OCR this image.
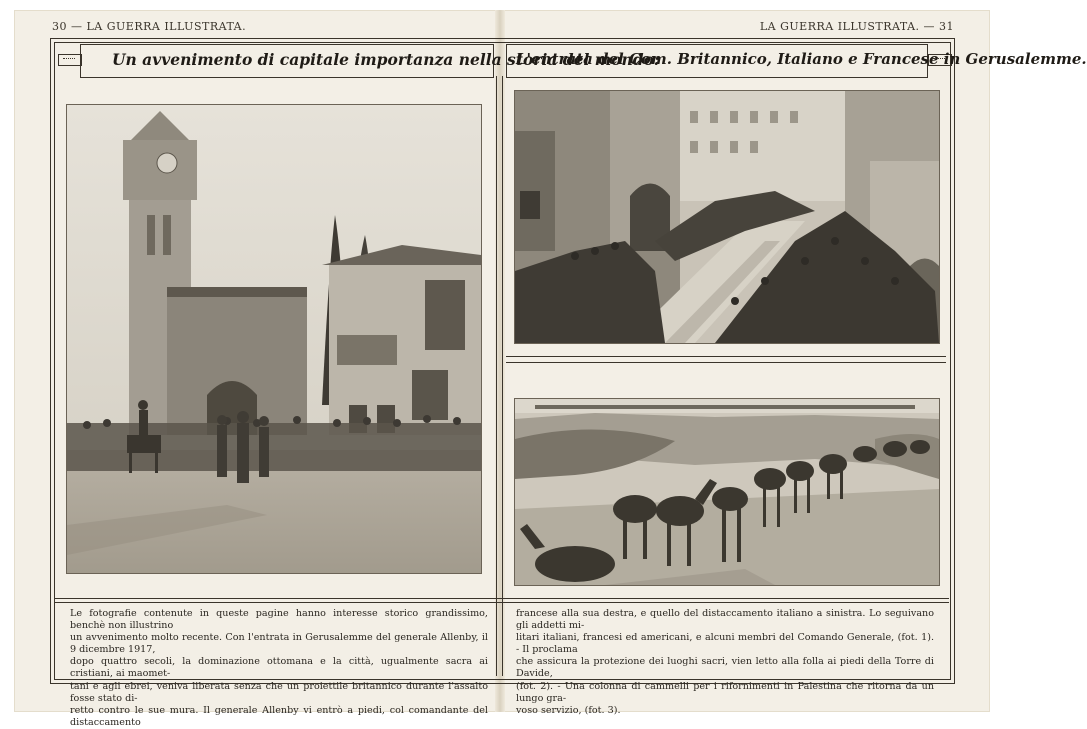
30 — LA GUERRA ILLUSTRATA.	LA GUERRA ILLUSTRATA. — 31
Un avvenimento di capitale importanza nella storia del mondo:
L'entrata del Com. Britannico, Italiano e Francese in Gerusalemme.

Le fotografie contenute in queste pagine hanno interesse storico grandissimo, benchè non illustrino

un avvenimento molto recente. Con l'entrata in Gerusalemme del generale Allenby, il 9 dicembre 1917,

dopo quattro secoli, la dominazione ottomana e la città, ugualmente sacra ai cristiani, ai maomet-

tani e agli ebrei, veniva liberata senza che un proiettile britannico durante l'assalto fosse stato di-

retto contro le sue mura. Il generale Allenby vi entrò a piedi, col comandante del distaccamento

francese alla sua destra, e quello del distaccamento italiano a sinistra. Lo seguivano gli addetti mi-

litari italiani, francesi ed americani, e alcuni membri del Comando Generale, (fot. 1). - Il proclama

che assicura la protezione dei luoghi sacri, vien letto alla folla ai piedi della Torre di Davide,

(fot. 2). - Una colonna di cammelli per i rifornimenti in Palestina che ritorna da un lungo gra-

voso servizio, (fot. 3).
